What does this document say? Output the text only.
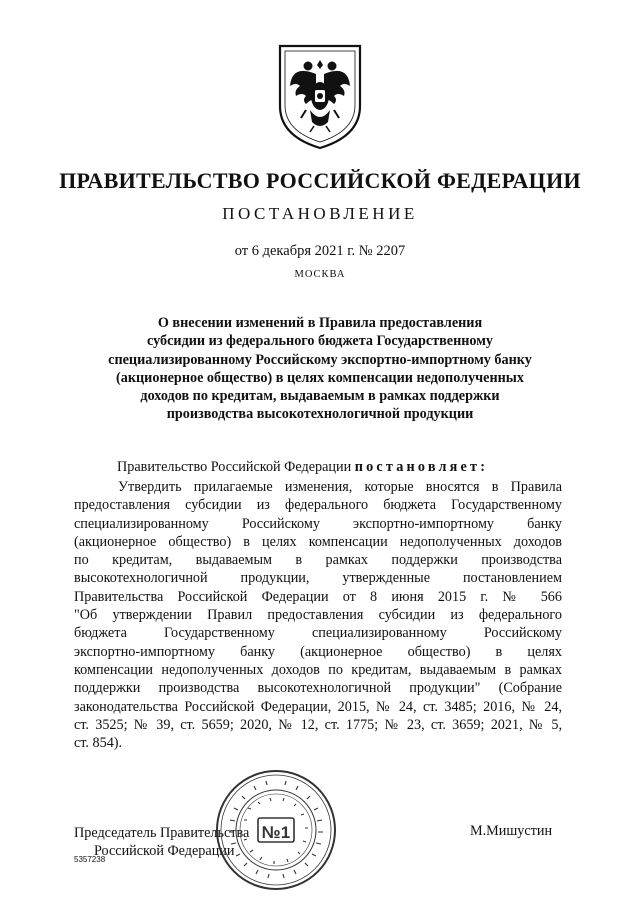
ПРАВИТЕЛЬСТВО РОССИЙСКОЙ ФЕДЕРАЦИИ
ПОСТАНОВЛЕНИЕ
от 6 декабря 2021 г. № 2207
МОСКВА
О внесении изменений в Правила предоставления
субсидии из федерального бюджета Государственному
специализированному Российскому экспортно-импортному банку
(акционерное общество) в целях компенсации недополученных
доходов по кредитам, выдаваемым в рамках поддержки
производства высокотехнологичной продукции
Правительство Российской Федерации постановляет:
Утвердить прилагаемые изменения, которые вносятся в Правила
предоставления субсидии из федерального бюджета Государственному
специализированному Российскому экспортно-импортному банку
(акционерное общество) в целях компенсации недополученных доходов
по кредитам, выдаваемым в рамках поддержки производства
высокотехнологичной продукции, утвержденные постановлением
Правительства Российской Федерации от 8 июня 2015 г. № 566
"Об утверждении Правил предоставления субсидии из федерального
бюджета Государственному специализированному Российскому
экспортно-импортному банку (акционерное общество) в целях
компенсации недополученных доходов по кредитам, выдаваемым в рамках
поддержки производства высокотехнологичной продукции" (Собрание
законодательства Российской Федерации, 2015, № 24, ст. 3485; 2016, № 24,
ст. 3525; № 39, ст. 5659; 2020, № 12, ст. 1775; № 23, ст. 3659; 2021, № 5,
ст. 854).
Председатель Правительства
Российской Федерации
М.Мишустин
5357238
№1
